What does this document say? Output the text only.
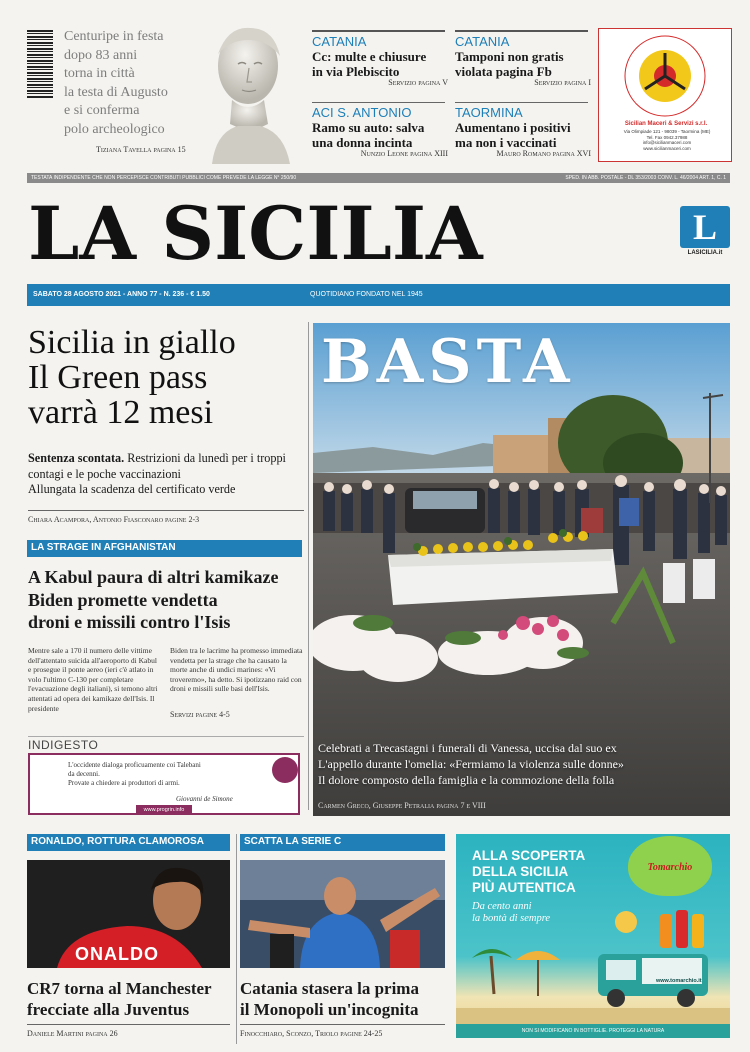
Centuripe in festa
dopo 83 anni
torna in città
la testa di Augusto
e si conferma
polo archeologico
Tiziana Tavella pagina 15
CATANIA
Cc: multe e chiusure
in via Plebiscito
Servizio pagina V
CATANIA
Tamponi non gratis
violata pagina Fb
Servizio pagina I
ACI S. ANTONIO
Ramo su auto: salva
una donna incinta
Nunzio Leone pagina XIII
TAORMINA
Aumentano i positivi
ma non i vaccinati
Mauro Romano pagina XVI
Sicilian Maceri & Servizi s.r.l.
Via Olimpiade 121 - 98039 - Taormina (ME)
Tel. Fax 0942.37988
info@sicilianmaceri.com
www.sicilianmaceri.com
TESTATA INDIPENDENTE CHE NON PERCEPISCE CONTRIBUTI PUBBLICI COME PREVEDE LA LEGGE N° 250/90	SPED. IN ABB. POSTALE - DL 353/2003 CONV. L. 46/2004 ART. 1, C. 1
LA SICILIA	L
LASICILIA.it
SABATO 28 AGOSTO 2021 - ANNO 77 - N. 236 - € 1.50	QUOTIDIANO FONDATO NEL 1945
Sicilia in giallo
Il Green pass
varrà 12 mesi
Sentenza scontata. Restrizioni da lunedì per i troppi contagi e le poche vaccinazioni
Allungata la scadenza del certificato verde
Chiara Acampora, Antonio Fiasconaro pagine 2-3
LA STRAGE IN AFGHANISTAN
A Kabul paura di altri kamikaze
Biden promette vendetta
droni e missili contro l'Isis
Mentre sale a 170 il numero delle vittime dell'attentato suicida all'aeroporto di Kabul e prosegue il ponte aereo (ieri c'è atlato in volo l'ultimo C-130 per completare l'evacuazione degli italiani), si temono altri attentati ad opera dei kamikaze dell'Isis. Il presidente
Biden tra le lacrime ha promesso immediata vendetta per la strage che ha causato la morte anche di undici marines: «Vi troveremo», ha detto. Si ipotizzano raid con droni e missili sulle basi dell'Isis.
Servizi pagine 4-5
INDIGESTO
L'occidente dialoga proficuamente coi Talebani
da decenni.
Provate a chiedere ai produttori di armi.
Giovanni de Simone
www.progrin.info
BASTA
Celebrati a Trecastagni i funerali di Vanessa, uccisa dal suo ex
L'appello durante l'omelia: «Fermiamo la violenza sulle donne»
Il dolore composto della famiglia e la commozione della folla
Carmen Greco, Giuseppe Petralia pagina 7 e VIII
RONALDO, ROTTURA CLAMOROSA
ONALDO
CR7 torna al Manchester
frecciate alla Juventus
Daniele Martini pagina 26
SCATTA LA SERIE C
Catania stasera la prima
il Monopoli un'incognita
Finocchiaro, Sconzo, Triolo pagine 24-25
ALLA SCOPERTA
DELLA SICILIA
PIÙ AUTENTICA
Da cento anni
la bontà di sempre
Tomarchio
www.tomarchio.it
NON SI MODIFICANO IN BOTTIGLIE. PROTEGGI LA NATURA
